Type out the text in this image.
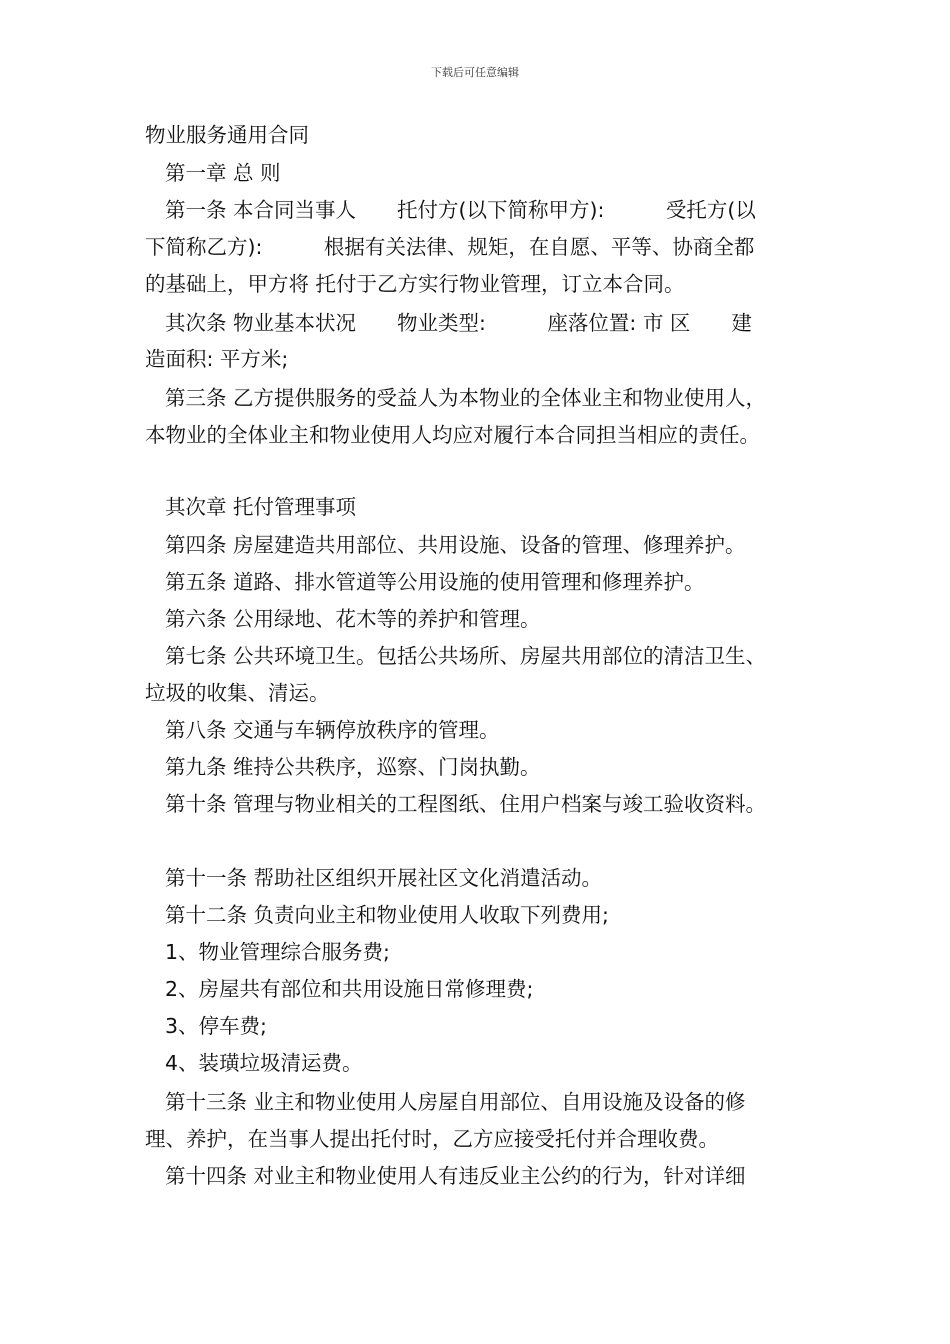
下载后可任意编辑
物业服务通用合同
第一章 总 则
第一条 本合同当事人　　托付方(以下简称甲方):　　　受托方(以
下简称乙方):　　　根据有关法律、规矩，在自愿、平等、协商全都
的基础上，甲方将 托付于乙方实行物业管理，订立本合同。
其次条 物业基本状况　　物业类型:　　　座落位置: 市 区　　建
造面积: 平方米;
第三条 乙方提供服务的受益人为本物业的全体业主和物业使用人，
本物业的全体业主和物业使用人均应对履行本合同担当相应的责任。
其次章 托付管理事项
第四条 房屋建造共用部位、共用设施、设备的管理、修理养护。
第五条 道路、排水管道等公用设施的使用管理和修理养护。
第六条 公用绿地、花木等的养护和管理。
第七条 公共环境卫生。包括公共场所、房屋共用部位的清洁卫生、
垃圾的收集、清运。
第八条 交通与车辆停放秩序的管理。
第九条 维持公共秩序，巡察、门岗执勤。
第十条 管理与物业相关的工程图纸、住用户档案与竣工验收资料。
第十一条 帮助社区组织开展社区文化消遣活动。
第十二条 负责向业主和物业使用人收取下列费用;
1、物业管理综合服务费;
2、房屋共有部位和共用设施日常修理费;
3、停车费;
4、装璜垃圾清运费。
第十三条 业主和物业使用人房屋自用部位、自用设施及设备的修
理、养护，在当事人提出托付时，乙方应接受托付并合理收费。
第十四条 对业主和物业使用人有违反业主公约的行为，针对详细
